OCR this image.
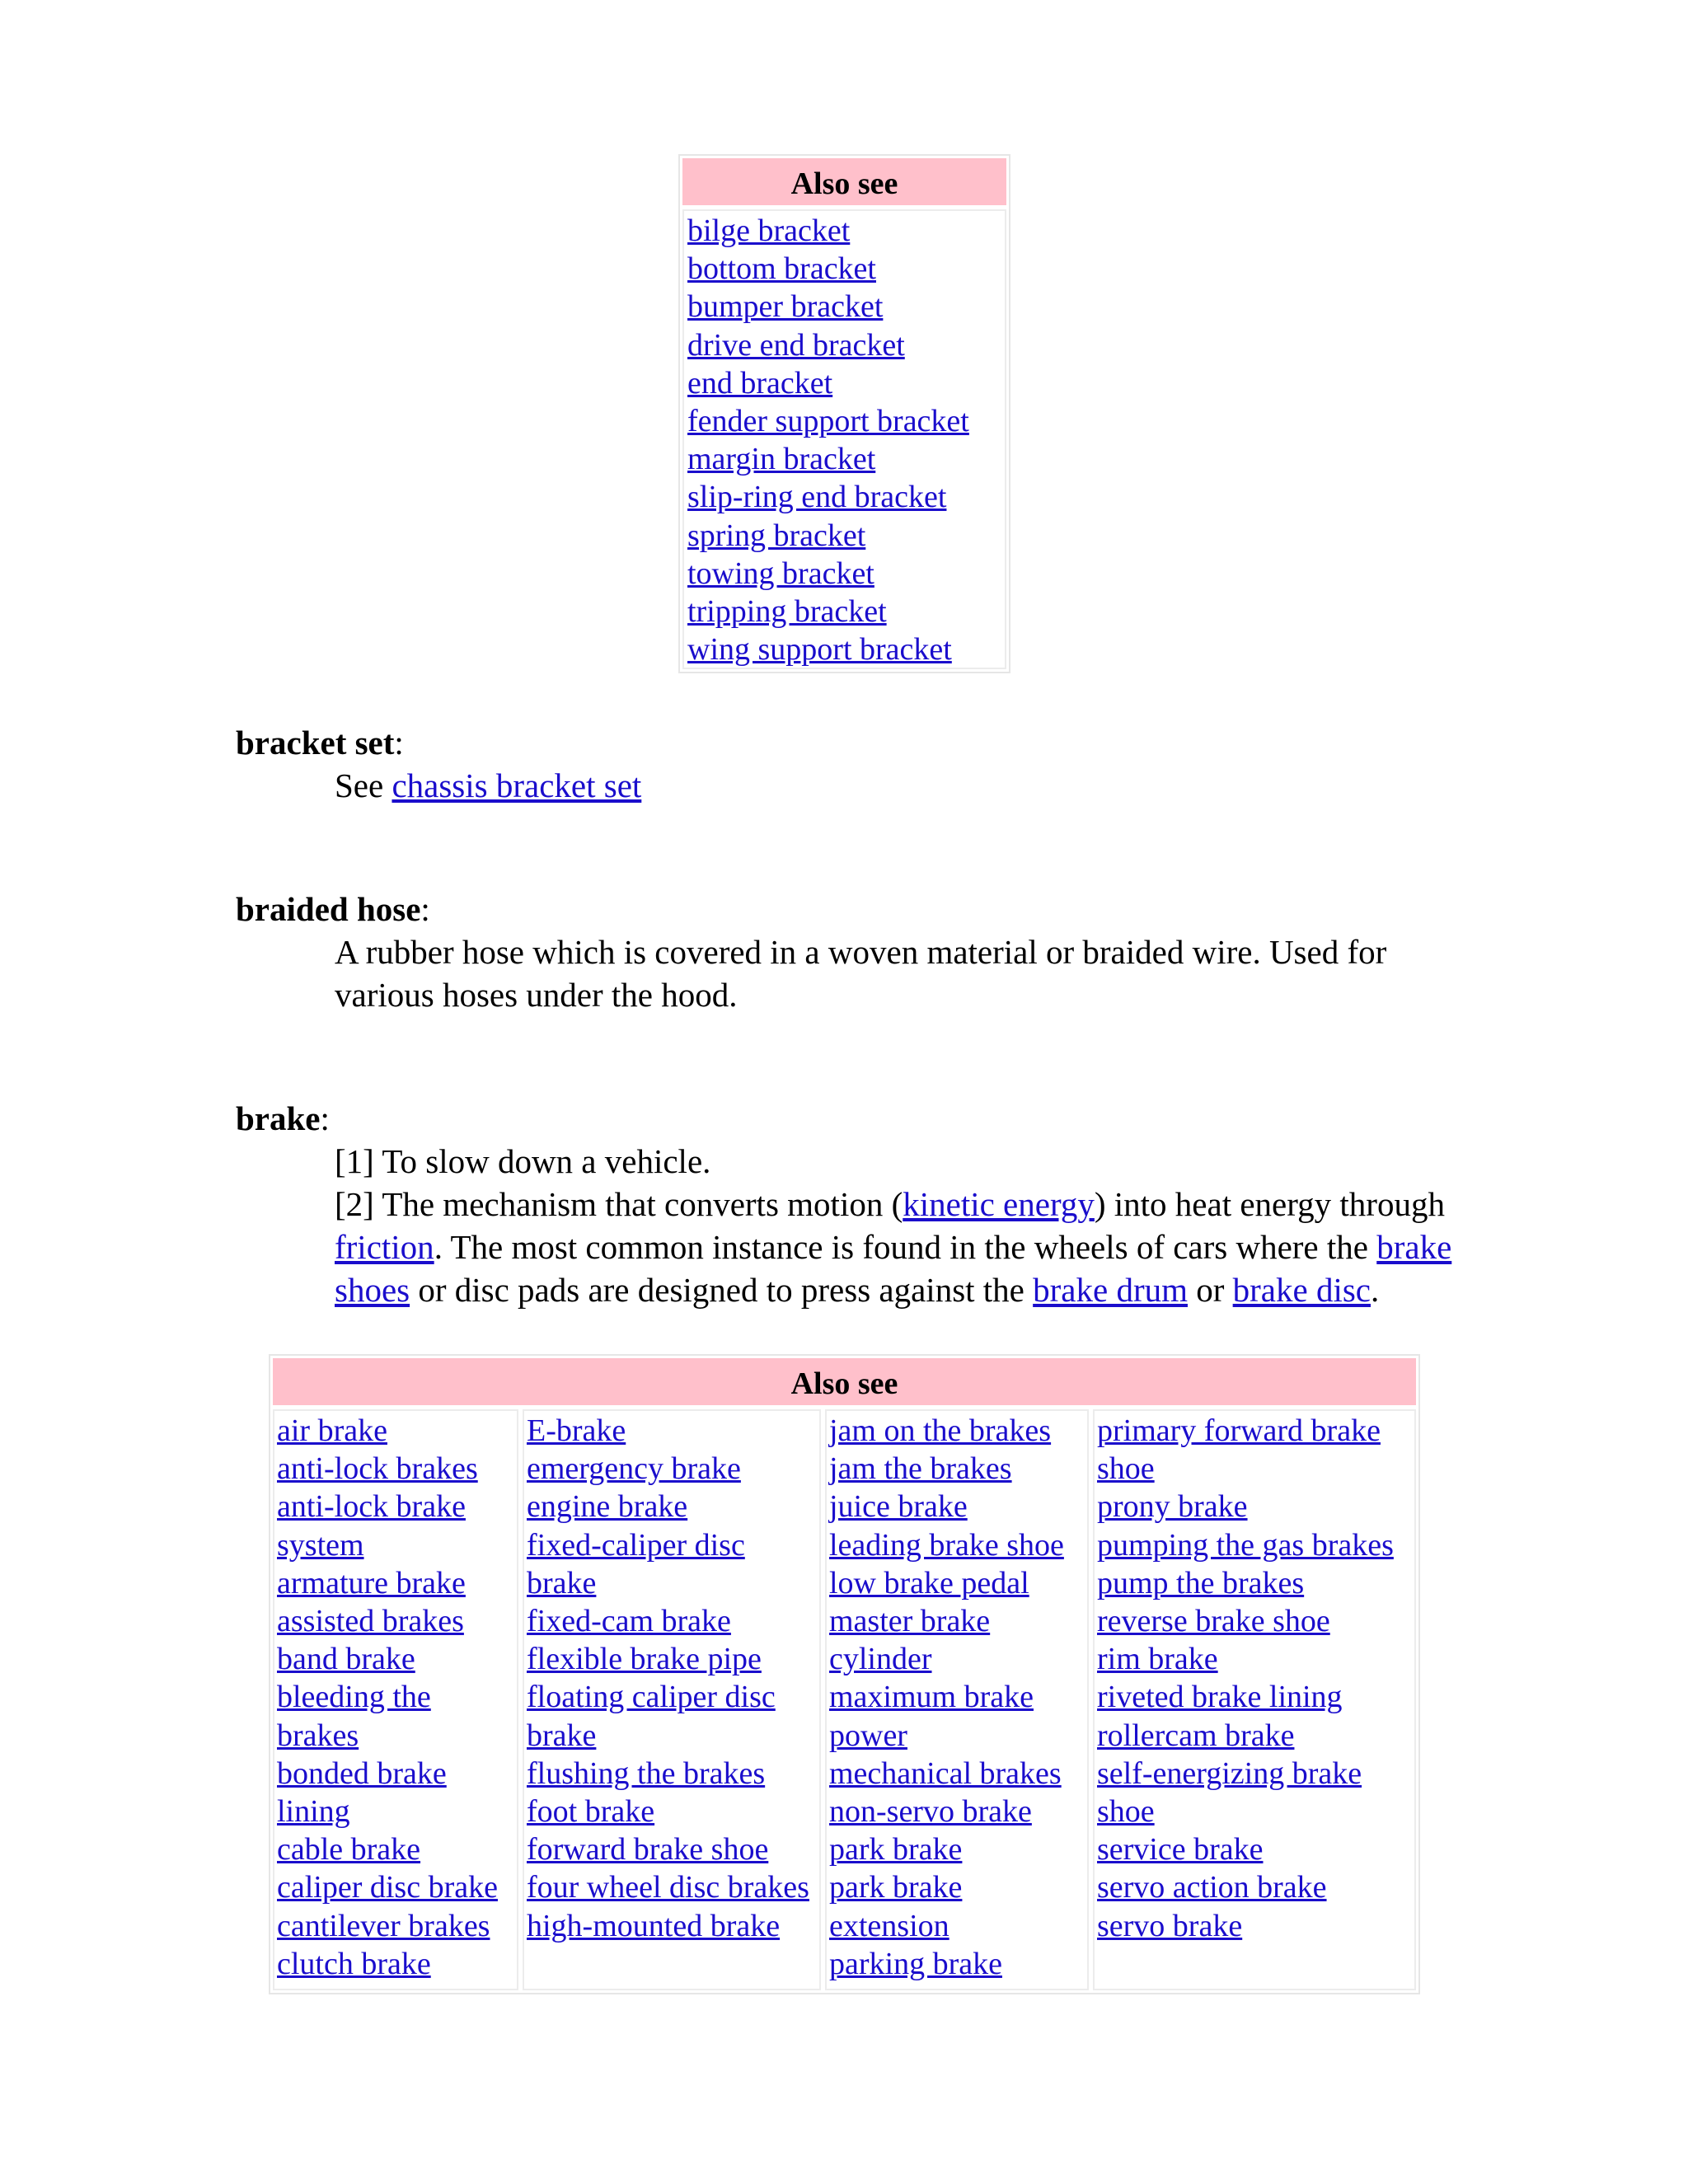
Also see
bilge bracket
bottom bracket
bumper bracket
drive end bracket
end bracket
fender support bracket
margin bracket
slip-ring end bracket
spring bracket
towing bracket
tripping bracket
wing support bracket
bracket set:
See chassis bracket set
braided hose:

A rubber hose which is covered in a woven material or braided wire. Used for various hoses under the hood.

brake:

[1] To slow down a vehicle.

[2] The mechanism that converts motion (kinetic energy) into heat energy through friction. The most common instance is found in the wheels of cars where the brake shoes or disc pads are designed to press against the brake drum or brake disc.

Also see
air brake
anti-lock brakes
anti-lock brake system
armature brake
assisted brakes
band brake
bleeding the brakes
bonded brake lining
cable brake
caliper disc brake
cantilever brakes
clutch brake
E-brake
emergency brake
engine brake
fixed-caliper disc brake
fixed-cam brake
flexible brake pipe
floating caliper disc brake
flushing the brakes
foot brake
forward brake shoe
four wheel disc brakes
high-mounted brake
jam on the brakes
jam the brakes
juice brake
leading brake shoe
low brake pedal
master brake cylinder
maximum brake power
mechanical brakes
non-servo brake
park brake
park brake extension
parking brake
primary forward brake shoe
prony brake
pumping the gas brakes
pump the brakes
reverse brake shoe
rim brake
riveted brake lining
rollercam brake
self-energizing brake shoe
service brake
servo action brake
servo brake
